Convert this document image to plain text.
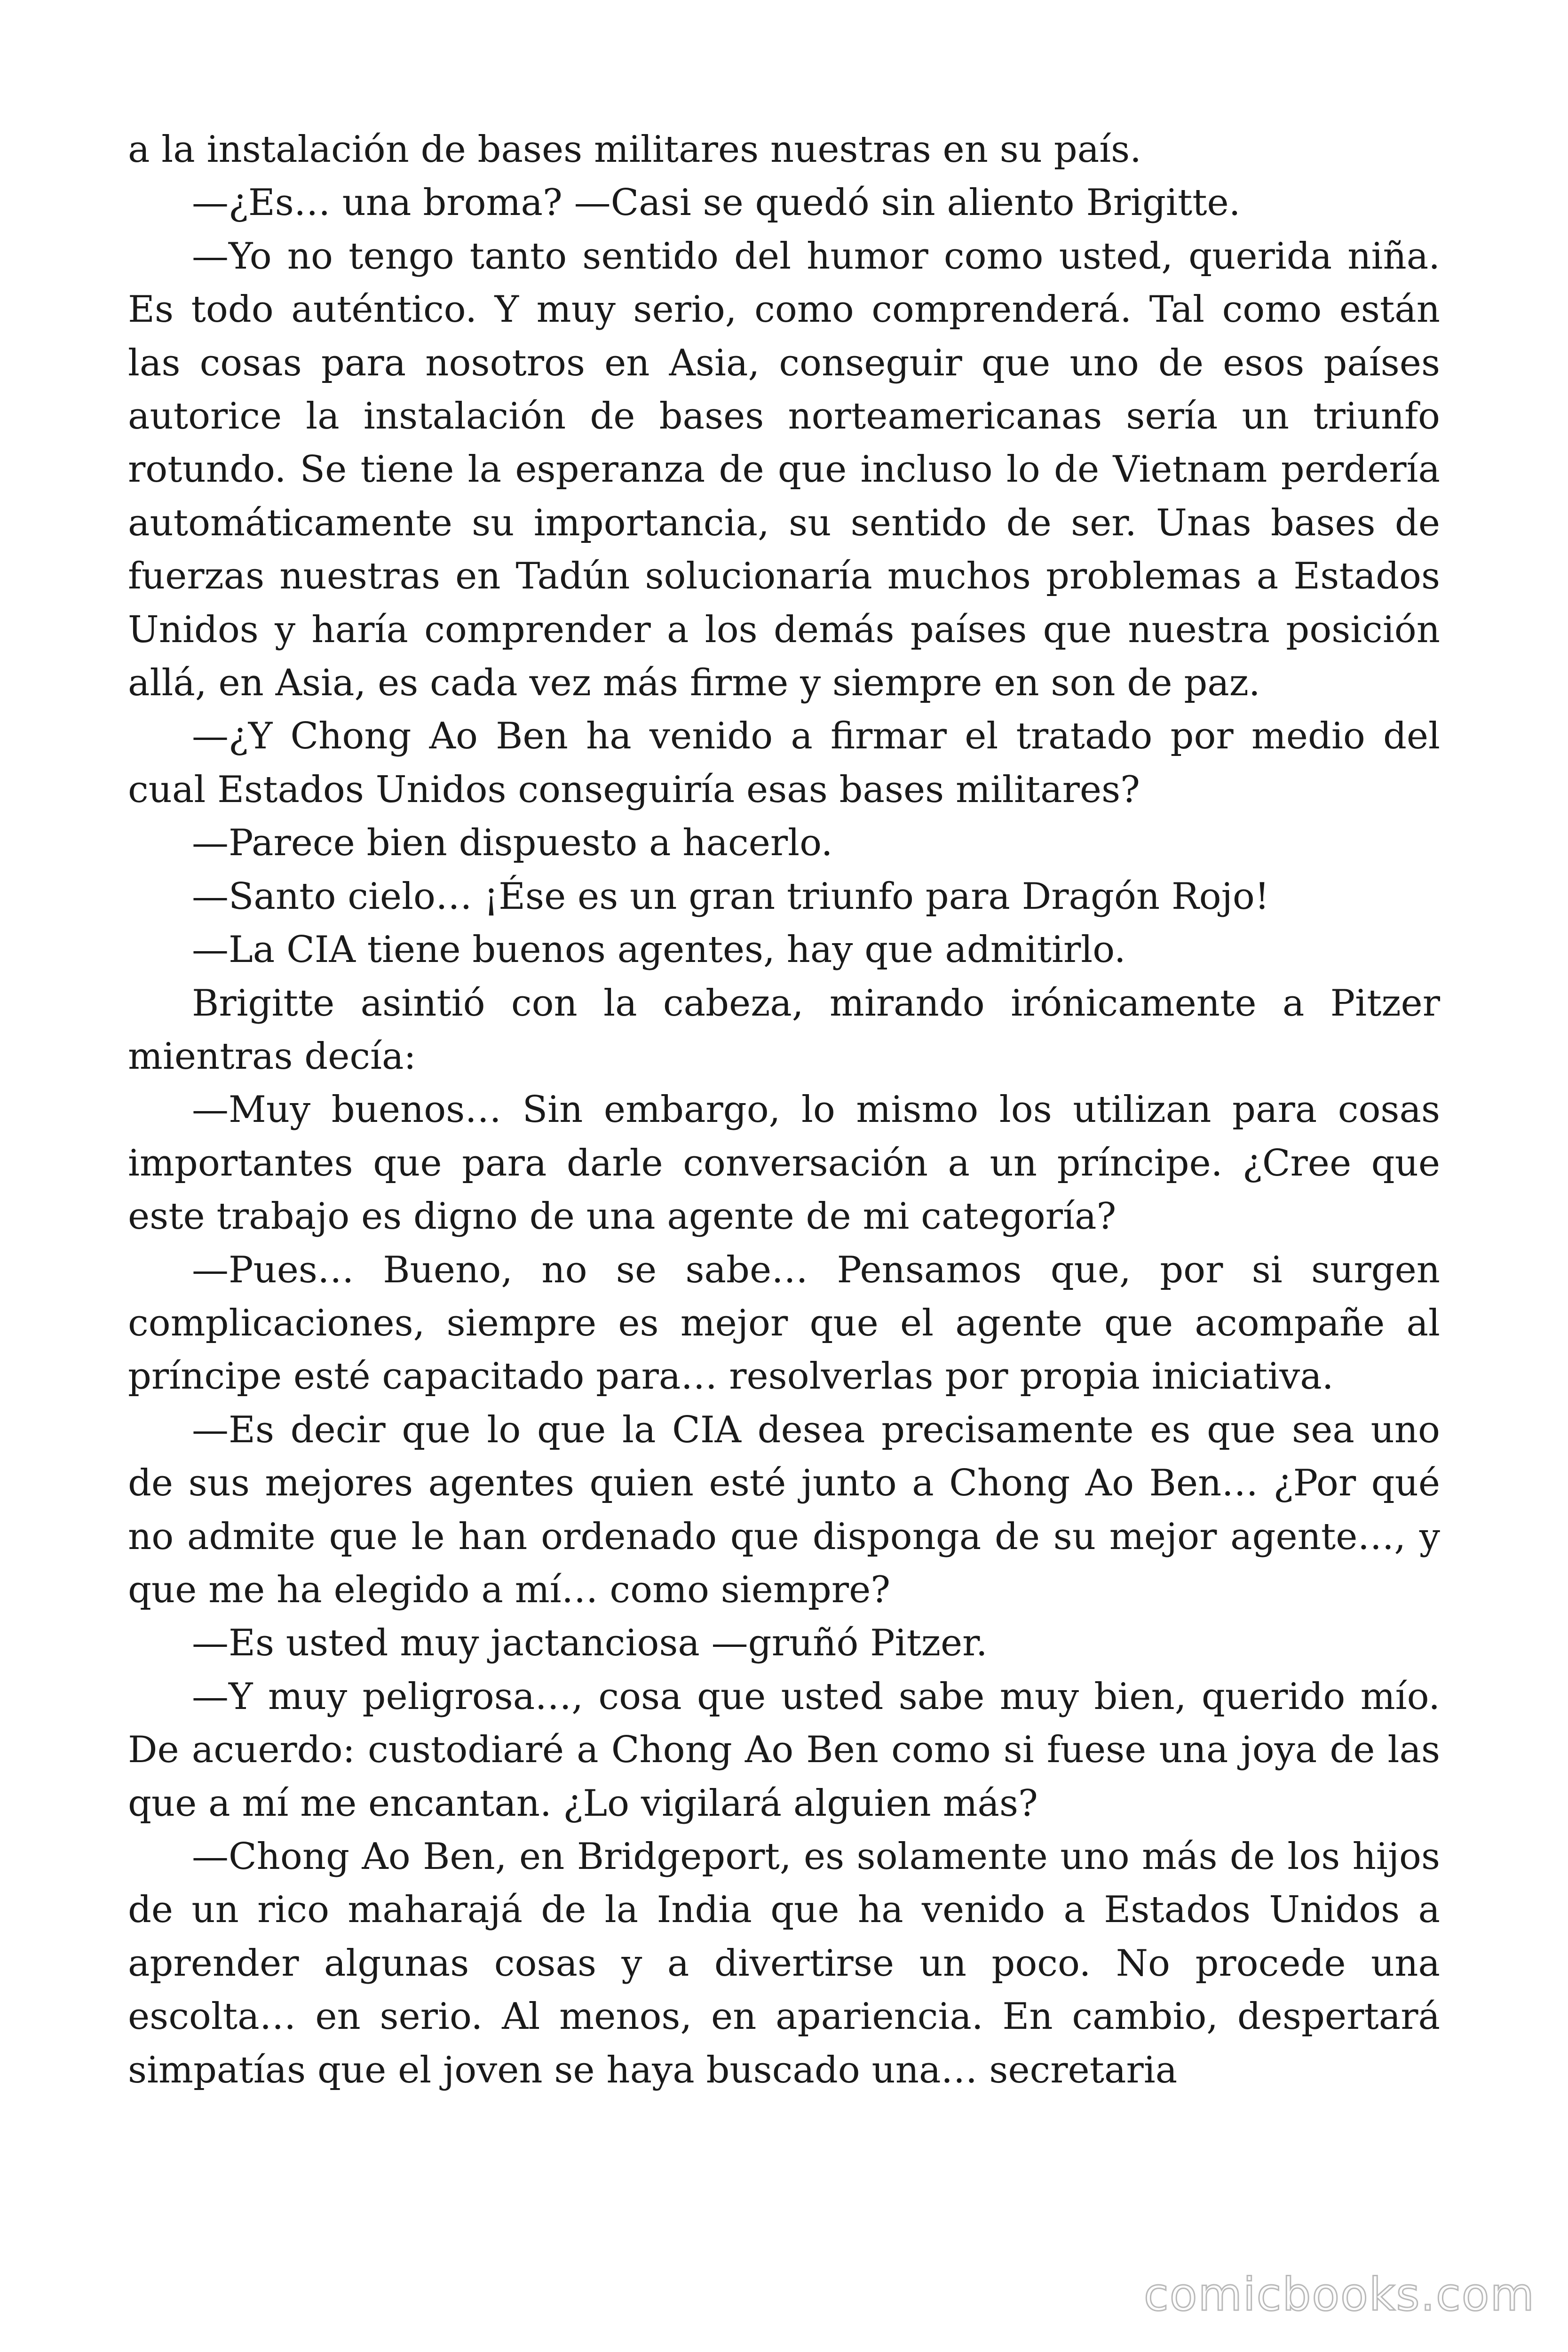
a la instalación de bases militares nuestras en su país.

—¿Es… una broma? —Casi se quedó sin aliento Brigitte.

—Yo no tengo tanto sentido del humor como usted, querida niña. Es todo auténtico. Y muy serio, como comprenderá. Tal como están las cosas para nosotros en Asia, conseguir que uno de esos países autorice la instalación de bases norteamericanas sería un triunfo rotundo. Se tiene la esperanza de que incluso lo de Vietnam perdería automáticamente su importancia, su sentido de ser. Unas bases de fuerzas nuestras en Tadún solucionaría muchos problemas a Estados Unidos y haría comprender a los demás países que nuestra posición allá, en Asia, es cada vez más firme y siempre en son de paz.

—¿Y Chong Ao Ben ha venido a firmar el tratado por medio del cual Estados Unidos conseguiría esas bases militares?

—Parece bien dispuesto a hacerlo.

—Santo cielo… ¡Ése es un gran triunfo para Dragón Rojo!

—La CIA tiene buenos agentes, hay que admitirlo.

Brigitte asintió con la cabeza, mirando irónicamente a Pitzer mientras decía:

—Muy buenos… Sin embargo, lo mismo los utilizan para cosas importantes que para darle conversación a un príncipe. ¿Cree que este trabajo es digno de una agente de mi categoría?

—Pues… Bueno, no se sabe… Pensamos que, por si surgen complicaciones, siempre es mejor que el agente que acompañe al príncipe esté capacitado para… resolverlas por propia iniciativa.

—Es decir que lo que la CIA desea precisamente es que sea uno de sus mejores agentes quien esté junto a Chong Ao Ben… ¿Por qué no admite que le han ordenado que disponga de su mejor agente…, y que me ha elegido a mí… como siempre?

—Es usted muy jactanciosa —gruñó Pitzer.

—Y muy peligrosa…, cosa que usted sabe muy bien, querido mío. De acuerdo: custodiaré a Chong Ao Ben como si fuese una joya de las que a mí me encantan. ¿Lo vigilará alguien más?

—Chong Ao Ben, en Bridgeport, es solamente uno más de los hijos de un rico maharajá de la India que ha venido a Estados Unidos a aprender algunas cosas y a divertirse un poco. No procede una escolta… en serio. Al menos, en apariencia. En cambio, despertará simpatías que el joven se haya buscado una… secretaria

comicbooks.com
